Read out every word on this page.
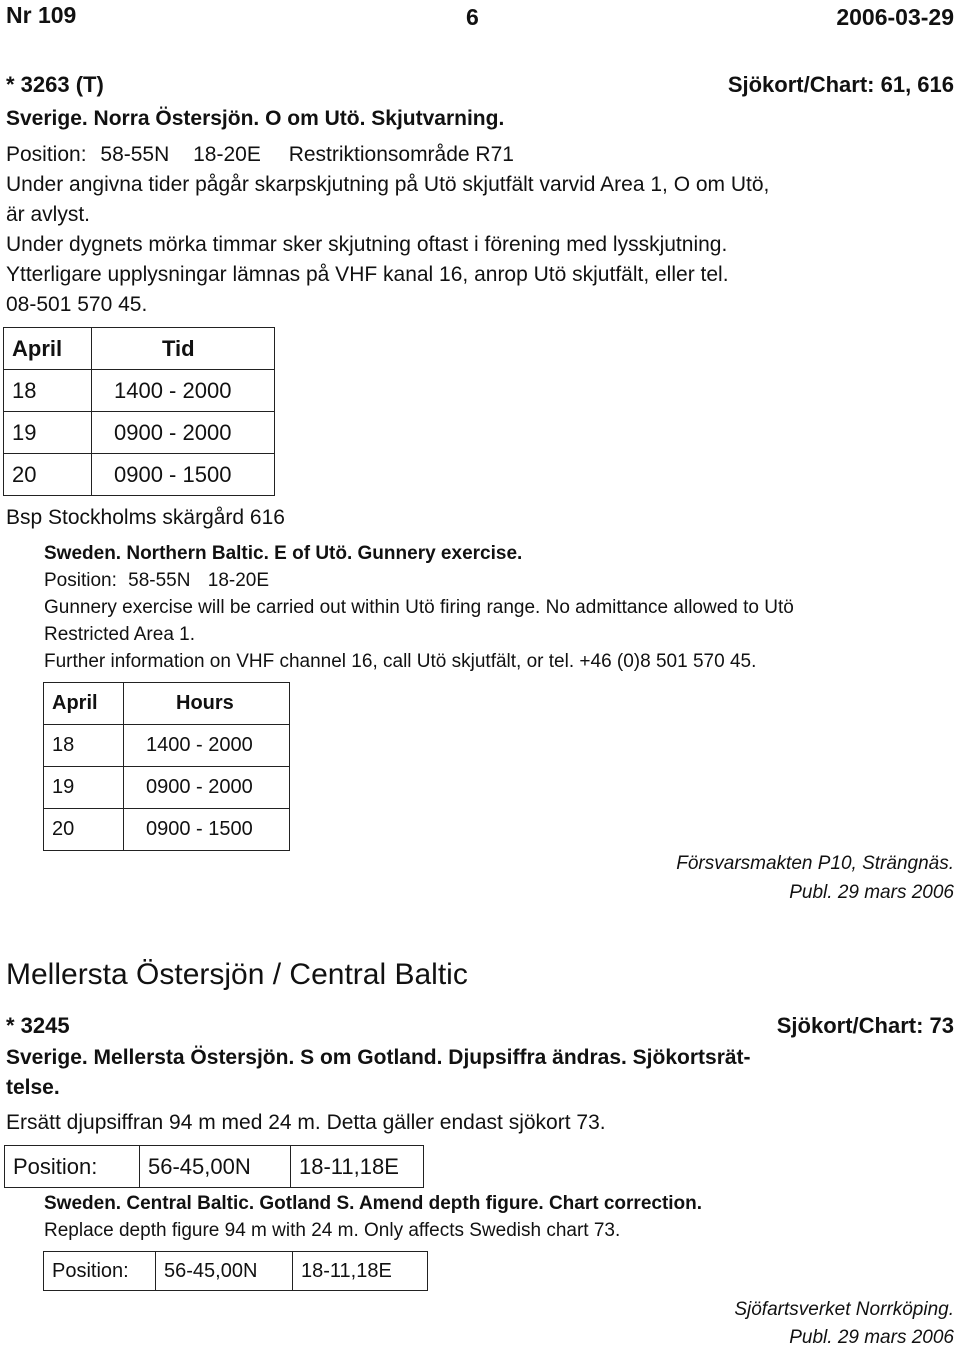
Nr 109	6	2006-03-29
* 3263 (T)	Sjökort/Chart: 61, 616
Sverige. Norra Östersjön. O om Utö. Skjutvarning.
Position: 58-55N 18-20E Restriktionsområde R71
Under angivna tider pågår skarpskjutning på Utö skjutfält varvid Area 1, O om Utö,
är avlyst.
Under dygnets mörka timmar sker skjutning oftast i förening med lysskjutning.
Ytterligare upplysningar lämnas på VHF kanal 16, anrop Utö skjutfält, eller tel.
08-501 570 45.
April	Tid
18	1400 - 2000
19	0900 - 2000
20	0900 - 1500
Bsp Stockholms skärgård 616
Sweden. Northern Baltic. E of Utö. Gunnery exercise.
Position: 58-55N 18-20E
Gunnery exercise will be carried out within Utö firing range. No admittance allowed to Utö
Restricted Area 1.
Further information on VHF channel 16, call Utö skjutfält, or tel. +46 (0)8 501 570 45.
April	Hours
18	1400 - 2000
19	0900 - 2000
20	0900 - 1500
Försvarsmakten P10, Strängnäs.
Publ. 29 mars 2006
Mellersta Östersjön / Central Baltic
* 3245	Sjökort/Chart: 73
Sverige. Mellersta Östersjön. S om Gotland. Djupsiffra ändras. Sjökortsrät-
telse.
Ersätt djupsiffran 94 m med 24 m. Detta gäller endast sjökort 73.
Position:	56-45,00N	18-11,18E
Sweden. Central Baltic. Gotland S. Amend depth figure. Chart correction.
Replace depth figure 94 m with 24 m. Only affects Swedish chart 73.
Position:	56-45,00N	18-11,18E
Sjöfartsverket Norrköping.
Publ. 29 mars 2006
